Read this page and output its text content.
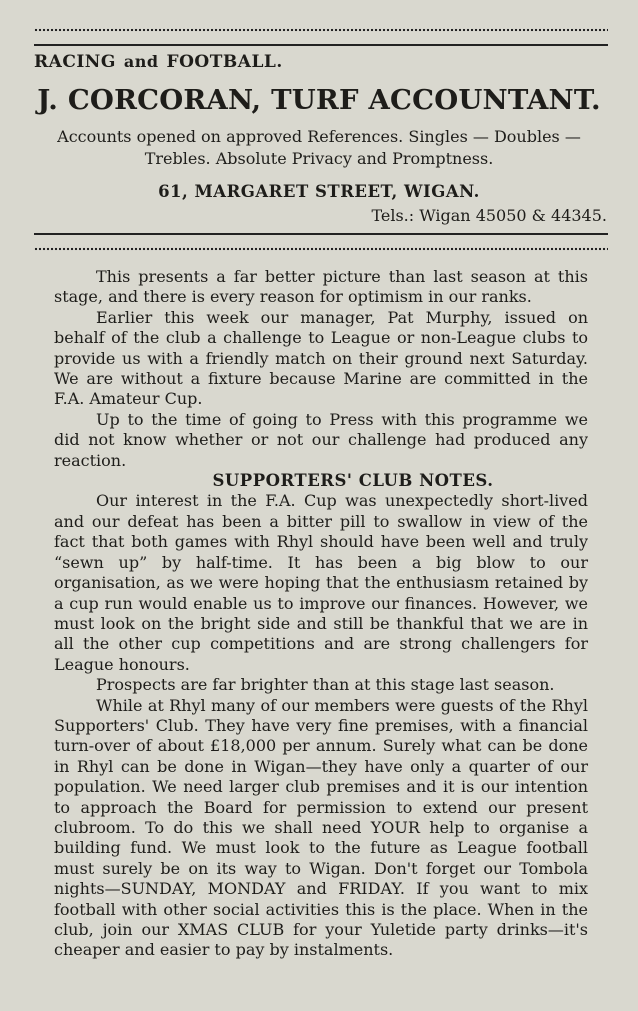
RACING and FOOTBALL.
J. CORCORAN, TURF ACCOUNTANT.
Accounts opened on approved References. Singles — Doubles —
Trebles. Absolute Privacy and Promptness.
61, MARGARET STREET, WIGAN.
Tels.: Wigan 45050 & 44345.

This presents a far better picture than last season at this stage, and there is every reason for optimism in our ranks.

Earlier this week our manager, Pat Murphy, issued on behalf of the club a challenge to League or non-League clubs to provide us with a friendly match on their ground next Saturday. We are without a fixture because Marine are committed in the F.A. Amateur Cup.

Up to the time of going to Press with this programme we did not know whether or not our challenge had produced any reaction.

SUPPORTERS' CLUB NOTES.

Our interest in the F.A. Cup was unexpectedly short-lived and our defeat has been a bitter pill to swallow in view of the fact that both games with Rhyl should have been well and truly “sewn up” by half-time. It has been a big blow to our organisation, as we were hoping that the enthusiasm retained by a cup run would enable us to improve our finances. However, we must look on the bright side and still be thankful that we are in all the other cup competitions and are strong challengers for League honours.

Prospects are far brighter than at this stage last season.

While at Rhyl many of our members were guests of the Rhyl Supporters' Club. They have very fine premises, with a financial turn-over of about £18,000 per annum. Surely what can be done in Rhyl can be done in Wigan—they have only a quarter of our population. We need larger club premises and it is our intention to approach the Board for permission to extend our present clubroom. To do this we shall need YOUR help to organise a building fund. We must look to the future as League football must surely be on its way to Wigan. Don't forget our Tombola nights—SUNDAY, MONDAY and FRIDAY. If you want to mix football with other social activities this is the place. When in the club, join our XMAS CLUB for your Yuletide party drinks—it's cheaper and easier to pay by instalments.
